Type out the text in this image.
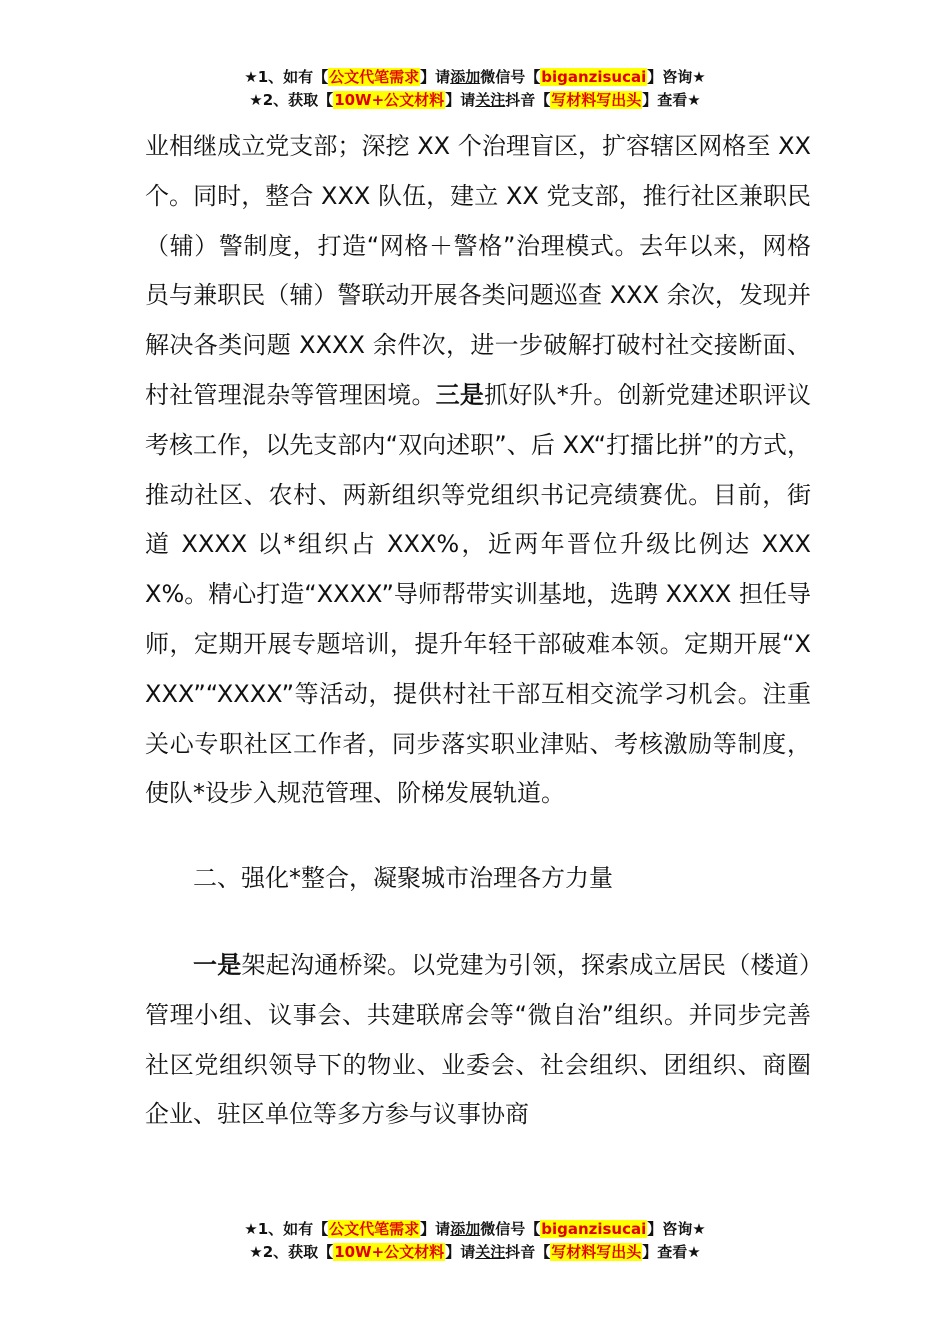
★1、如有【公文代笔需求】请添加微信号【biganzisucai】咨询★
★2、获取【10W+公文材料】请关注抖音【写材料写出头】查看★

业相继成立党支部；深挖 XX 个治理盲区，扩容辖区网格至 XX 个。同时，整合 XXX 队伍，建立 XX 党支部，推行社区兼职民（辅）警制度，打造“网格＋警格”治理模式。去年以来，网格员与兼职民（辅）警联动开展各类问题巡查 XXX 余次，发现并解决各类问题 XXXX 余件次，进一步破解打破村社交接断面、村社管理混杂等管理困境。三是抓好队*升。创新党建述职评议考核工作，以先支部内“双向述职”、后 XX“打擂比拼”的方式，推动社区、农村、两新组织等党组织书记亮绩赛优。目前，街道 XXXX 以*组织占 XXX%，近两年晋位升级比例达 XXXX%。精心打造“XXXX”导师帮带实训基地，选聘 XXXX 担任导师，定期开展专题培训，提升年轻干部破难本领。定期开展“XXXX”“XXXX”等活动，提供村社干部互相交流学习机会。注重关心专职社区工作者，同步落实职业津贴、考核激励等制度，使队*设步入规范管理、阶梯发展轨道。

二、强化*整合，凝聚城市治理各方力量

一是架起沟通桥梁。以党建为引领，探索成立居民（楼道）管理小组、议事会、共建联席会等“微自治”组织。并同步完善社区党组织领导下的物业、业委会、社会组织、团组织、商圈企业、驻区单位等多方参与议事协商

★1、如有【公文代笔需求】请添加微信号【biganzisucai】咨询★
★2、获取【10W+公文材料】请关注抖音【写材料写出头】查看★
